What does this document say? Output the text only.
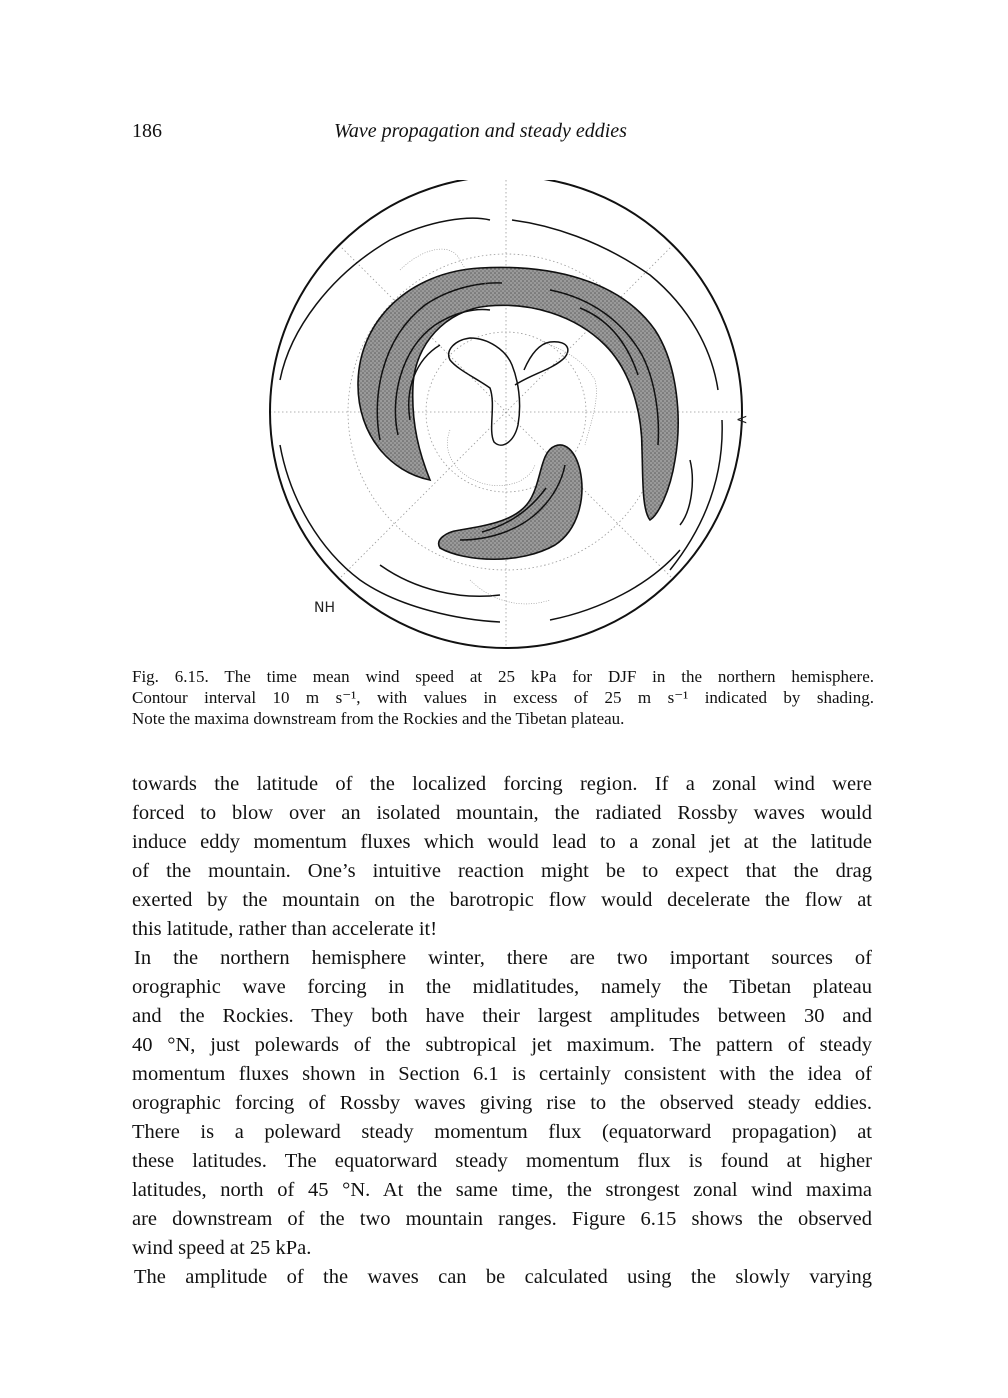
186	Wave propagation and steady eddies
NH
<

Fig. 6.15. The time mean wind speed at 25 kPa for DJF in the northern hemisphere.

Contour interval 10 m s⁻¹, with values in excess of 25 m s⁻¹ indicated by shading.

Note the maxima downstream from the Rockies and the Tibetan plateau.

towards the latitude of the localized forcing region. If a zonal wind were

forced to blow over an isolated mountain, the radiated Rossby waves would

induce eddy momentum fluxes which would lead to a zonal jet at the latitude

of the mountain. One’s intuitive reaction might be to expect that the drag

exerted by the mountain on the barotropic flow would decelerate the flow at

this latitude, rather than accelerate it!

In the northern hemisphere winter, there are two important sources of

orographic wave forcing in the midlatitudes, namely the Tibetan plateau

and the Rockies. They both have their largest amplitudes between 30 and

40 °N, just polewards of the subtropical jet maximum. The pattern of steady

momentum fluxes shown in Section 6.1 is certainly consistent with the idea of

orographic forcing of Rossby waves giving rise to the observed steady eddies.

There is a poleward steady momentum flux (equatorward propagation) at

these latitudes. The equatorward steady momentum flux is found at higher

latitudes, north of 45 °N. At the same time, the strongest zonal wind maxima

are downstream of the two mountain ranges. Figure 6.15 shows the observed

wind speed at 25 kPa.

The amplitude of the waves can be calculated using the slowly varying
